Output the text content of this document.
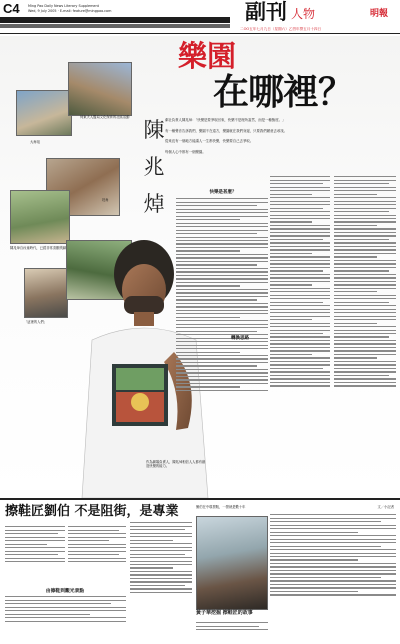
C4 Ming Pao Daily News Literary Supplement
Wed, 9 July 2005 · E-mail: feature@mingpao.com	副刊 人物	明報
二OO五年七月九日（星期六）乙酉年閏五月十四日
樂園
在哪裡？
劇社負責人陳兆焯：「快樂是要爭取回來，快樂不是理所當然，而是一種態度。」
有一種聲音告訴我們，樂園不在遠方，樂園就在我們身邊，只要我們願意去尋找。
從來沒有一個地方能讓人一生都快樂，快樂要自己去爭取。
每個人心中都有一個樂園。
何東夫人醫局文化保育的社區活動
大角咀
旺角
陳兆焯自孩童時代，已經非常喜歡戲劇
「這裡的人們」
陳
兆
焯
作為劇場負責人，陳兆焯相信人人都有創造快樂的能力。
快樂是甚麼？
轉換思路
擦鞋匠劉伯 不是阻街，是專業
由擦鞋到觀光景點
劉伯在中環擦鞋，一擦就是數十年
黃子華挖掘 擦鞋匠的故事
文／小記者
